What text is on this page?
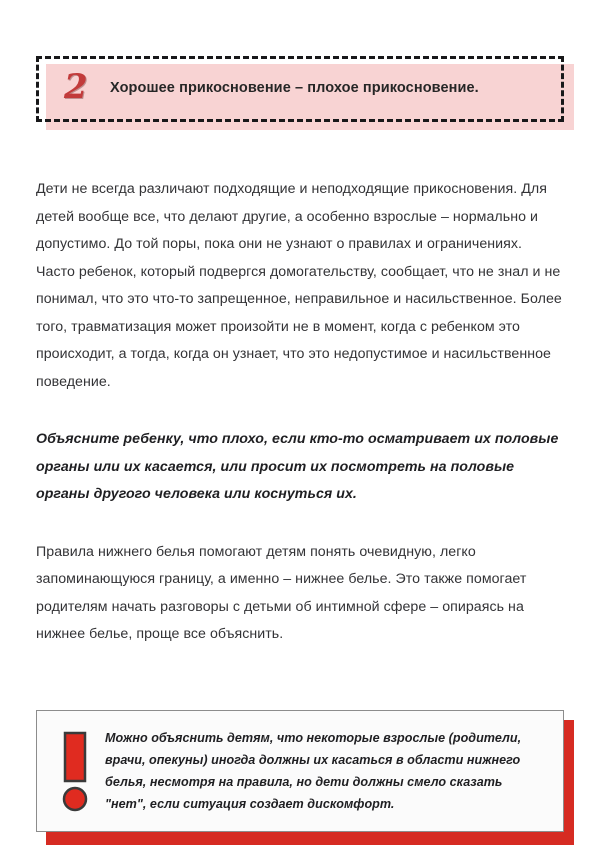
2	Хорошее прикосновение – плохое прикосновение.

Дети не всегда различают подходящие и неподходящие прикосновения. Для детей вообще все, что делают другие, а особенно взрослые – нормально и допустимо. До той поры, пока они не узнают о правилах и ограничениях. Часто ребенок, который подвергся домогательству, сообщает, что не знал и не понимал, что это что-то запрещенное, неправильное и насильственное. Более того, травматизация может произойти не в момент, когда с ребенком это происходит, а тогда, когда он узнает, что это недопустимое и насильственное поведение.

Объясните ребенку, что плохо, если кто-то осматривает их половые органы или их касается, или просит их посмотреть на половые органы другого человека или коснуться их.

Правила нижнего белья помогают детям понять очевидную, легко запоминающуюся границу, а именно – нижнее белье. Это также помогает родителям начать разговоры с детьми об интимной сфере – опираясь на нижнее белье, проще все объяснить.

Можно объяснить детям, что некоторые взрослые (родители, врачи, опекуны) иногда должны их касаться в области нижнего белья, несмотря на правила, но дети должны смело сказать "нет", если ситуация создает дискомфорт.
